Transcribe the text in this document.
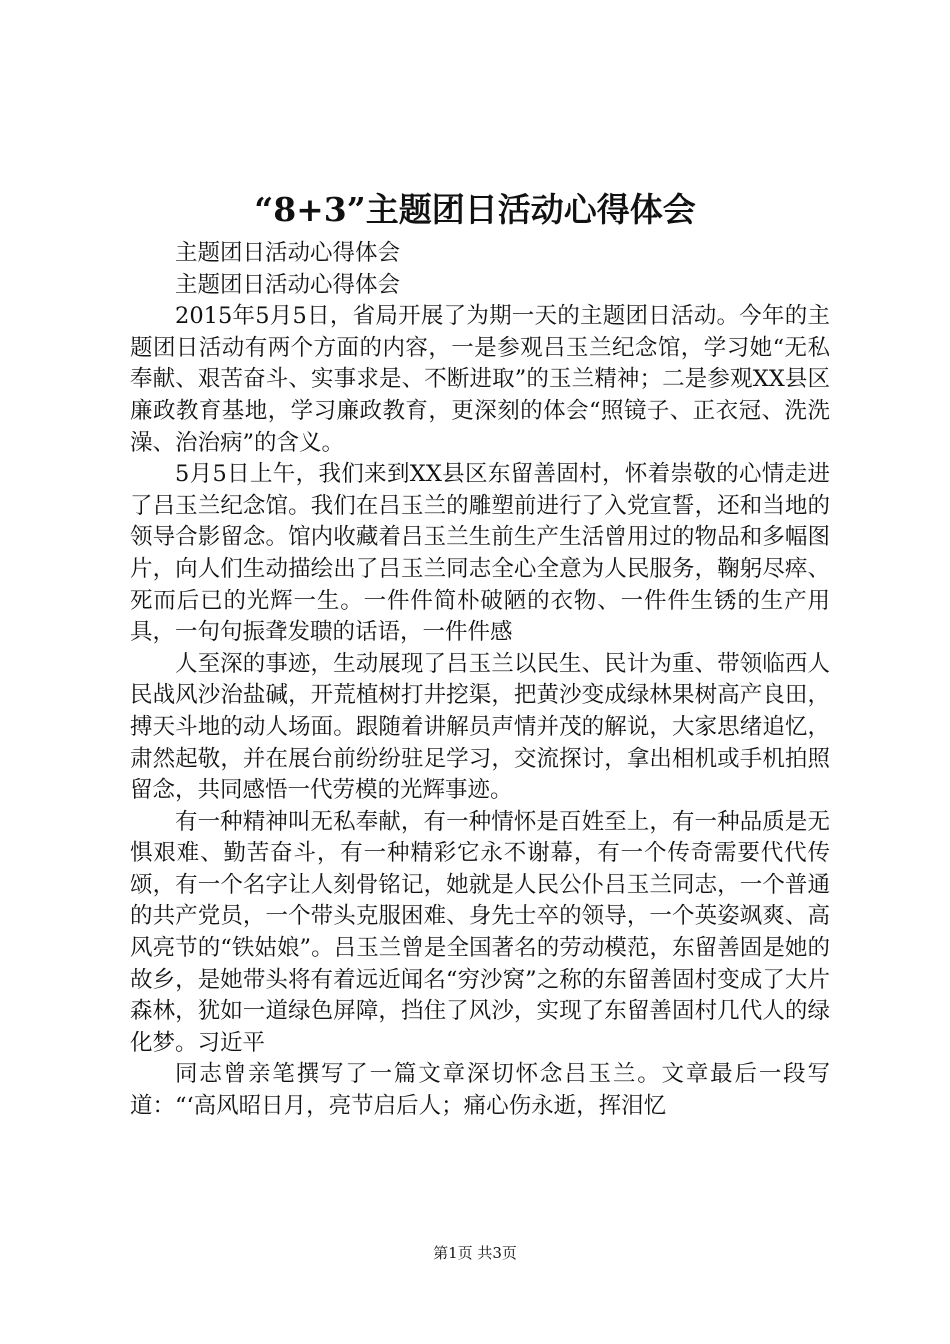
“8+3”主题团日活动心得体会

主题团日活动心得体会

主题团日活动心得体会

2015年5月5日，省局开展了为期一天的主题团日活动。今年的主题团日活动有两个方面的内容，一是参观吕玉兰纪念馆，学习她“无私奉献、艰苦奋斗、实事求是、不断进取”的玉兰精神；二是参观XX县区廉政教育基地，学习廉政教育，更深刻的体会“照镜子、正衣冠、洗洗澡、治治病”的含义。

5月5日上午，我们来到XX县区东留善固村，怀着崇敬的心情走进了吕玉兰纪念馆。我们在吕玉兰的雕塑前进行了入党宣誓，还和当地的领导合影留念。馆内收藏着吕玉兰生前生产生活曾用过的物品和多幅图片，向人们生动描绘出了吕玉兰同志全心全意为人民服务，鞠躬尽瘁、死而后已的光辉一生。一件件简朴破陋的衣物、一件件生锈的生产用具，一句句振聋发聩的话语，一件件感

人至深的事迹，生动展现了吕玉兰以民生、民计为重、带领临西人民战风沙治盐碱，开荒植树打井挖渠，把黄沙变成绿林果树高产良田，搏天斗地的动人场面。跟随着讲解员声情并茂的解说，大家思绪追忆，肃然起敬，并在展台前纷纷驻足学习，交流探讨，拿出相机或手机拍照留念，共同感悟一代劳模的光辉事迹。

有一种精神叫无私奉献，有一种情怀是百姓至上，有一种品质是无惧艰难、勤苦奋斗，有一种精彩它永不谢幕，有一个传奇需要代代传颂，有一个名字让人刻骨铭记，她就是人民公仆吕玉兰同志，一个普通的共产党员，一个带头克服困难、身先士卒的领导，一个英姿飒爽、高风亮节的“铁姑娘”。吕玉兰曾是全国著名的劳动模范，东留善固是她的故乡，是她带头将有着远近闻名“穷沙窝”之称的东留善固村变成了大片森林，犹如一道绿色屏障，挡住了风沙，实现了东留善固村几代人的绿化梦。习近平

同志曾亲笔撰写了一篇文章深切怀念吕玉兰。文章最后一段写道：“‘高风昭日月，亮节启后人；痛心伤永逝，挥泪忆

第1页 共3页
